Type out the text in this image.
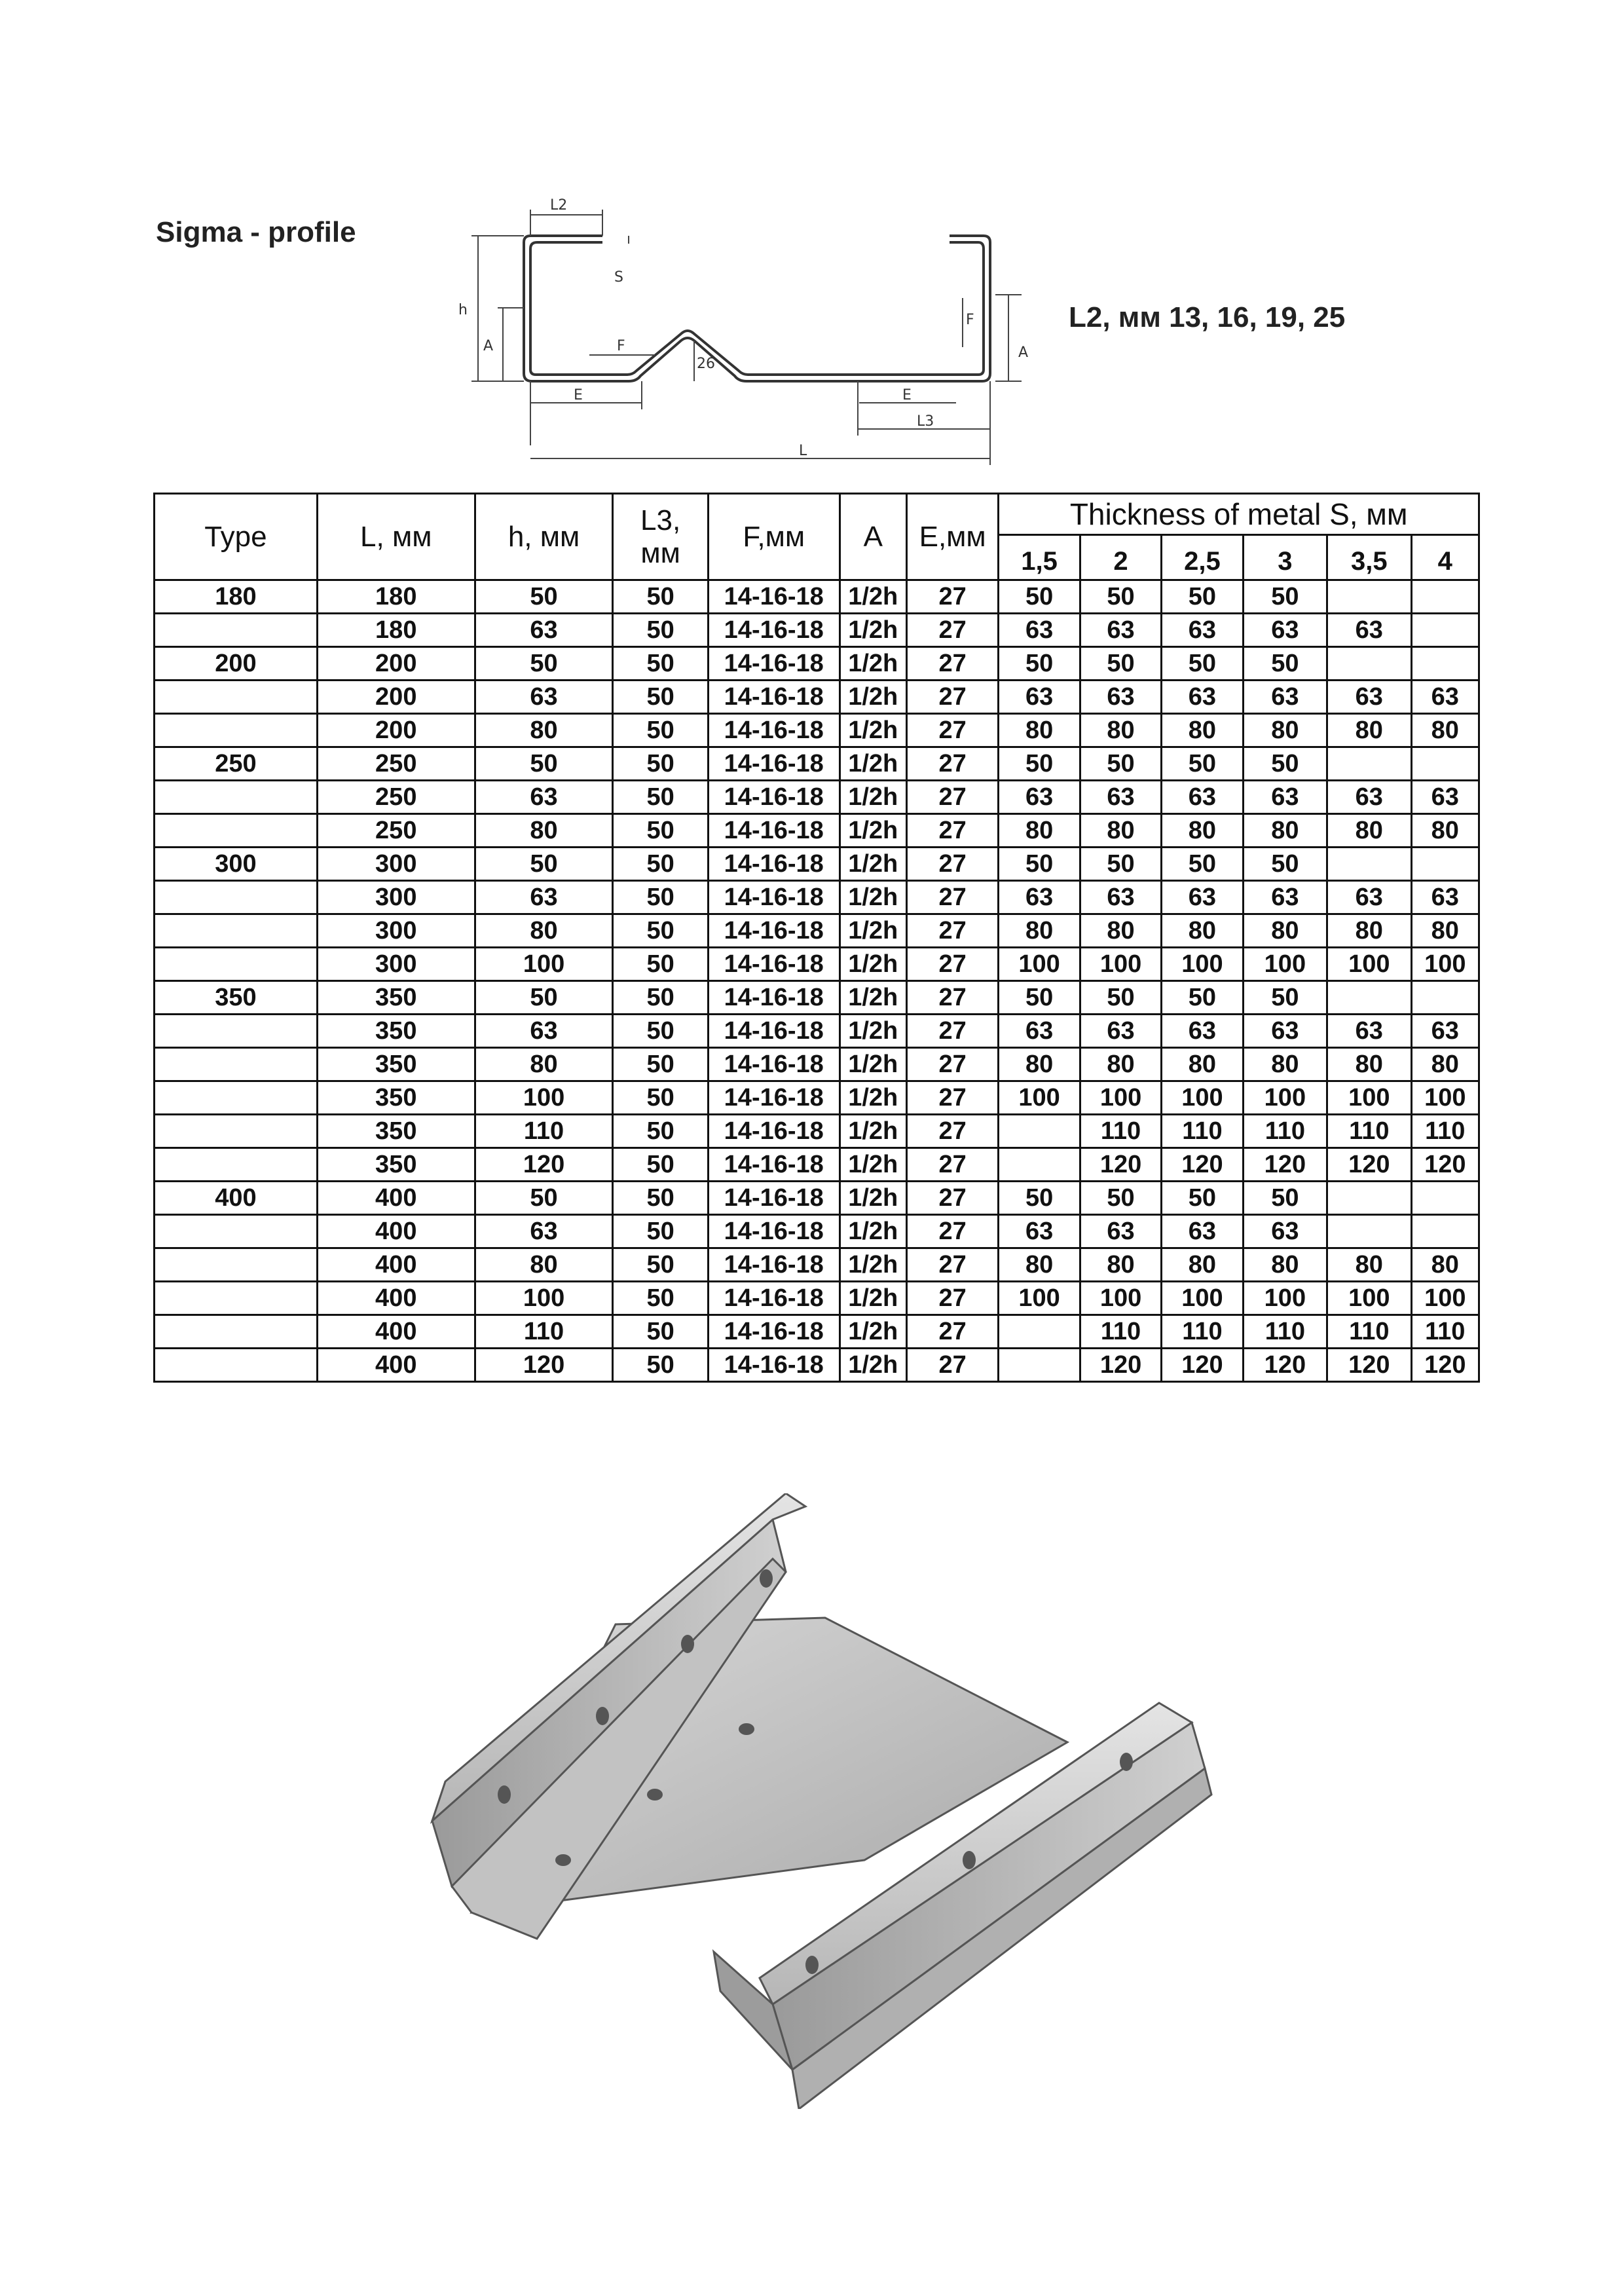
Sigma - profile
L2
S
h
A	A
F
F
E	E
26
L3
L
L2, мм 13, 16, 19, 25
Type	L, мм	h, мм	L3,
мм	F,мм	A	E,мм	Thickness of metal S, мм					
							1,5	2	2,5	3	3,5	4
180	180	50	50	14-16-18	1/2h	27	50	50	50	50		
	180	63	50	14-16-18	1/2h	27	63	63	63	63	63	
200	200	50	50	14-16-18	1/2h	27	50	50	50	50		
	200	63	50	14-16-18	1/2h	27	63	63	63	63	63	63
	200	80	50	14-16-18	1/2h	27	80	80	80	80	80	80
250	250	50	50	14-16-18	1/2h	27	50	50	50	50		
	250	63	50	14-16-18	1/2h	27	63	63	63	63	63	63
	250	80	50	14-16-18	1/2h	27	80	80	80	80	80	80
300	300	50	50	14-16-18	1/2h	27	50	50	50	50		
	300	63	50	14-16-18	1/2h	27	63	63	63	63	63	63
	300	80	50	14-16-18	1/2h	27	80	80	80	80	80	80
	300	100	50	14-16-18	1/2h	27	100	100	100	100	100	100
350	350	50	50	14-16-18	1/2h	27	50	50	50	50		
	350	63	50	14-16-18	1/2h	27	63	63	63	63	63	63
	350	80	50	14-16-18	1/2h	27	80	80	80	80	80	80
	350	100	50	14-16-18	1/2h	27	100	100	100	100	100	100
	350	110	50	14-16-18	1/2h	27		110	110	110	110	110
	350	120	50	14-16-18	1/2h	27		120	120	120	120	120
400	400	50	50	14-16-18	1/2h	27	50	50	50	50		
	400	63	50	14-16-18	1/2h	27	63	63	63	63		
	400	80	50	14-16-18	1/2h	27	80	80	80	80	80	80
	400	100	50	14-16-18	1/2h	27	100	100	100	100	100	100
	400	110	50	14-16-18	1/2h	27		110	110	110	110	110
	400	120	50	14-16-18	1/2h	27		120	120	120	120	120
